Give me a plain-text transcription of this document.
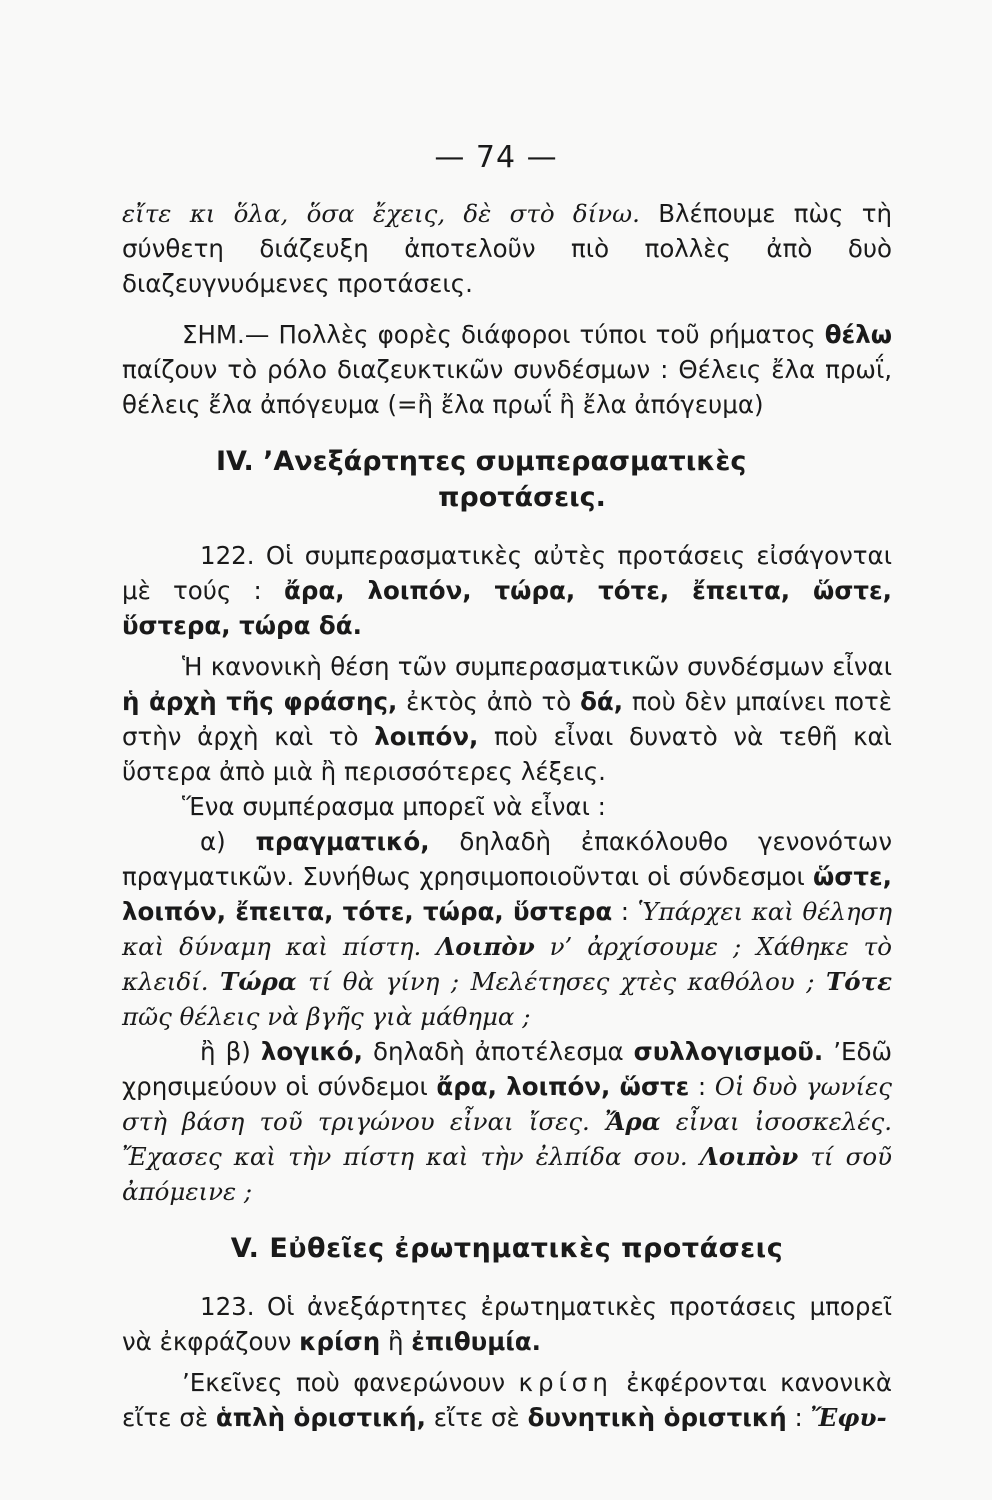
— 74 —

εἴτε κι ὅλα, ὅσα ἔχεις, δὲ στὸ δίνω. Βλέπουμε πὼς τὴ σύνθετη διάζευξη ἀποτελοῦν πιὸ πολλὲς ἀπὸ δυὸ διαζευγνυόμενες προτάσεις.

ΣΗΜ.— Πολλὲς φορὲς διάφοροι τύποι τοῦ ρήματος θέλω παίζουν τὸ ρόλο διαζευκτικῶν συνδέσμων : Θέλεις ἔλα πρωΐ, θέλεις ἔλα ἀπόγευμα (=ἢ ἔλα πρωΐ ἢ ἔλα ἀπόγευμα)

IV. ’Ανεξάρτητες συμπερασματικὲς
προτάσεις.

122. Οἱ συμπερασματικὲς αὐτὲς προτάσεις εἰσάγονται μὲ τούς : ἄρα, λοιπόν, τώρα, τότε, ἔπειτα, ὥστε, ὕστερα, τώρα δά.

Ἡ κανονικὴ θέση τῶν συμπερασματικῶν συνδέσμων εἶναι ἡ ἀρχὴ τῆς φράσης, ἐκτὸς ἀπὸ τὸ δά, ποὺ δὲν μπαίνει ποτὲ στὴν ἀρχὴ καὶ τὸ λοιπόν, ποὺ εἶναι δυνατὸ νὰ τεθῆ καὶ ὕστερα ἀπὸ μιὰ ἢ περισσότερες λέξεις.

Ἕνα συμπέρασμα μπορεῖ νὰ εἶναι :

α) πραγματικό, δηλαδὴ ἐπακόλουθο γενονότων πραγματικῶν. Συνήθως χρησιμοποιοῦνται οἱ σύνδεσμοι ὥστε, λοιπόν, ἔπειτα, τότε, τώρα, ὕστερα : Ὑπάρχει καὶ θέληση καὶ δύναμη καὶ πίστη. Λοιπὸν ν’ ἀρχίσουμε ; Χάθηκε τὸ κλειδί. Τώρα τί θὰ γίνη ; Μελέτησες χτὲς καθόλου ; Τότε πῶς θέλεις νὰ βγῆς γιὰ μάθημα ;

ἢ β) λογικό, δηλαδὴ ἀποτέλεσμα συλλογισμοῦ. ’Εδῶ χρησιμεύουν οἱ σύνδεμοι ἄρα, λοιπόν, ὥστε : Οἱ δυὸ γωνίες στὴ βάση τοῦ τριγώνου εἶναι ἴσες. Ἄρα εἶναι ἰσοσκελές. Ἔχασες καὶ τὴν πίστη καὶ τὴν ἐλπίδα σου. Λοιπὸν τί σοῦ ἀπόμεινε ;

V. Εὐθεῖες ἐρωτηματικὲς προτάσεις

123. Οἱ ἀνεξάρτητες ἐρωτηματικὲς προτάσεις μπορεῖ νὰ ἐκφράζουν κρίση ἢ ἐπιθυμία.

’Εκεῖνες ποὺ φανερώνουν κρίση ἐκφέρονται κανονικὰ εἴτε σὲ ἁπλὴ ὁριστική, εἴτε σὲ δυνητικὴ ὁριστική : Ἔφυ-
